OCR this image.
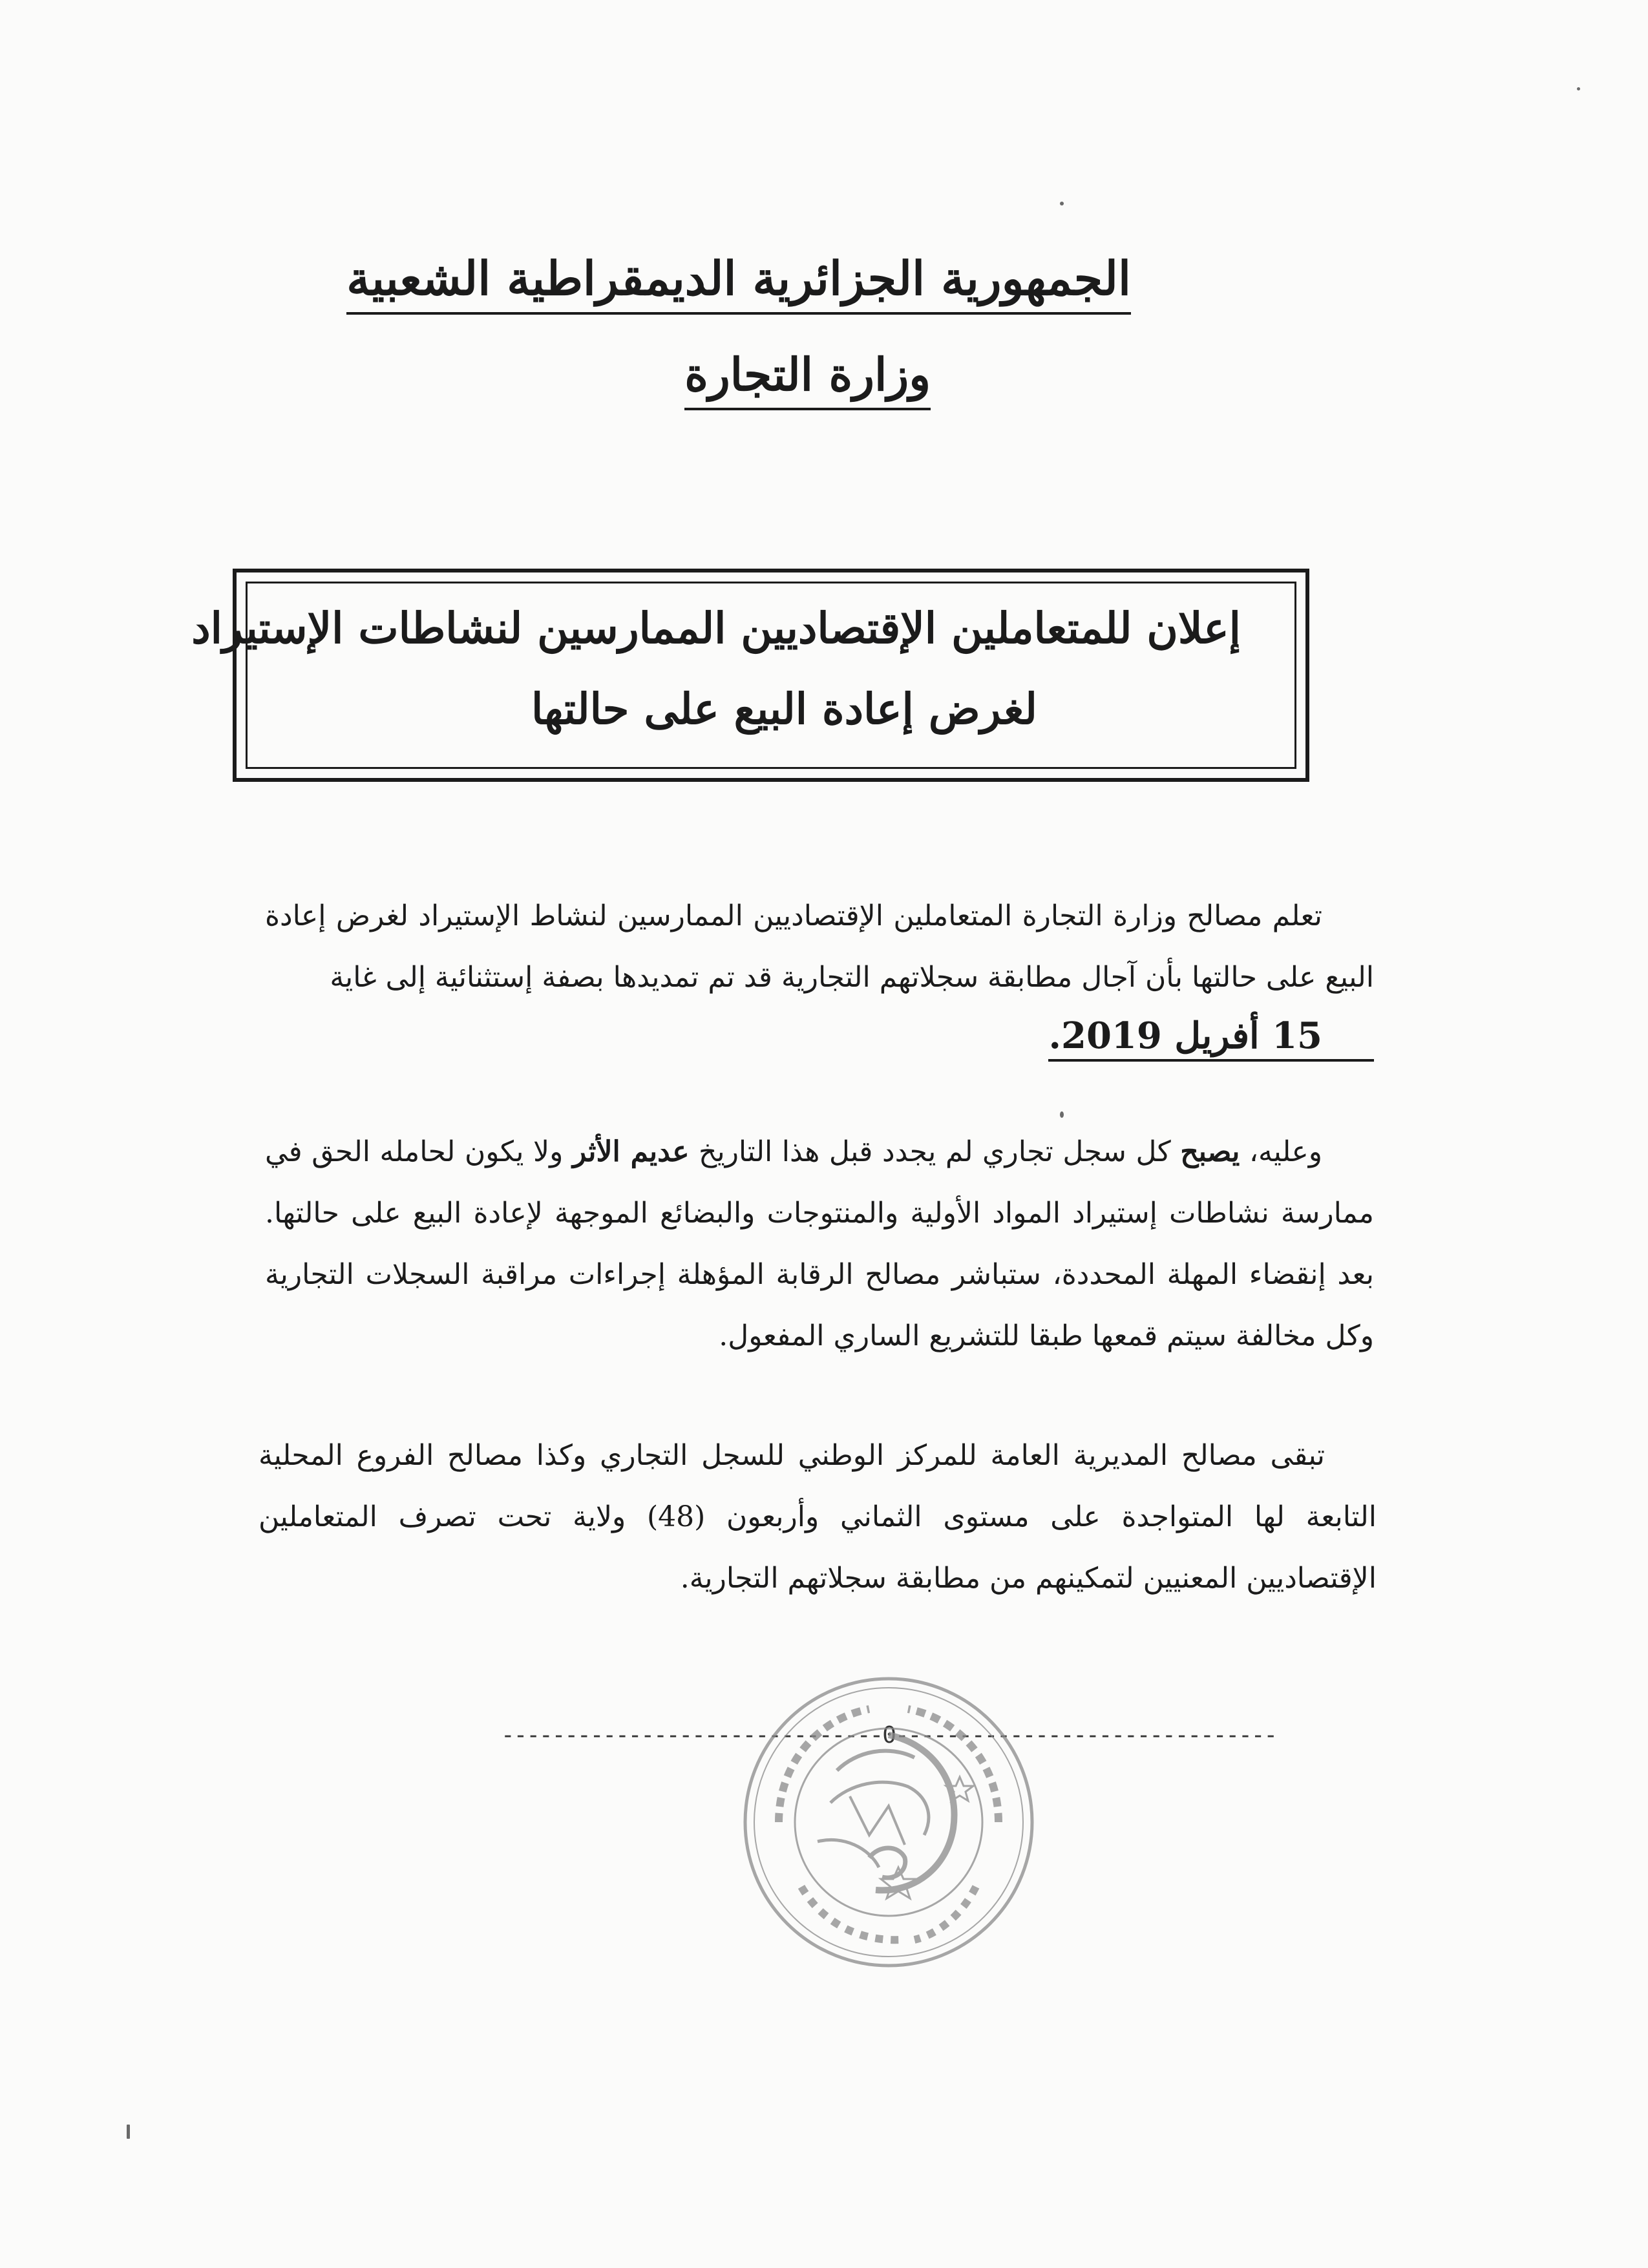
الجمهورية الجزائرية الديمقراطية الشعبية
وزارة التجارة
إعلان للمتعاملين الإقتصاديين الممارسين لنشاطات الإستيراد
لغرض إعادة البيع على حالتها
تعلم مصالح وزارة التجارة المتعاملين الإقتصاديين الممارسين لنشاط الإستيراد لغرض إعادة البيع على حالتها بأن آجال مطابقة سجلاتهم التجارية قد تم تمديدها بصفة إستثنائية إلى غاية
15 أفريل 2019.
وعليه، يصبح كل سجل تجاري لم يجدد قبل هذا التاريخ عديم الأثر ولا يكون لحامله الحق في ممارسة نشاطات إستيراد المواد الأولية والمنتوجات والبضائع الموجهة لإعادة البيع على حالتها. بعد إنقضاء المهلة المحددة، ستباشر مصالح الرقابة المؤهلة إجراءات مراقبة السجلات التجارية وكل مخالفة سيتم قمعها طبقا للتشريع الساري المفعول.
تبقى مصالح المديرية العامة للمركز الوطني للسجل التجاري وكذا مصالح الفروع المحلية التابعة لها المتواجدة على مستوى الثماني وأربعون (48) ولاية تحت تصرف المتعاملين الإقتصاديين المعنيين لتمكينهم من مطابقة سجلاتهم التجارية.
------------------------------0------------------------------
